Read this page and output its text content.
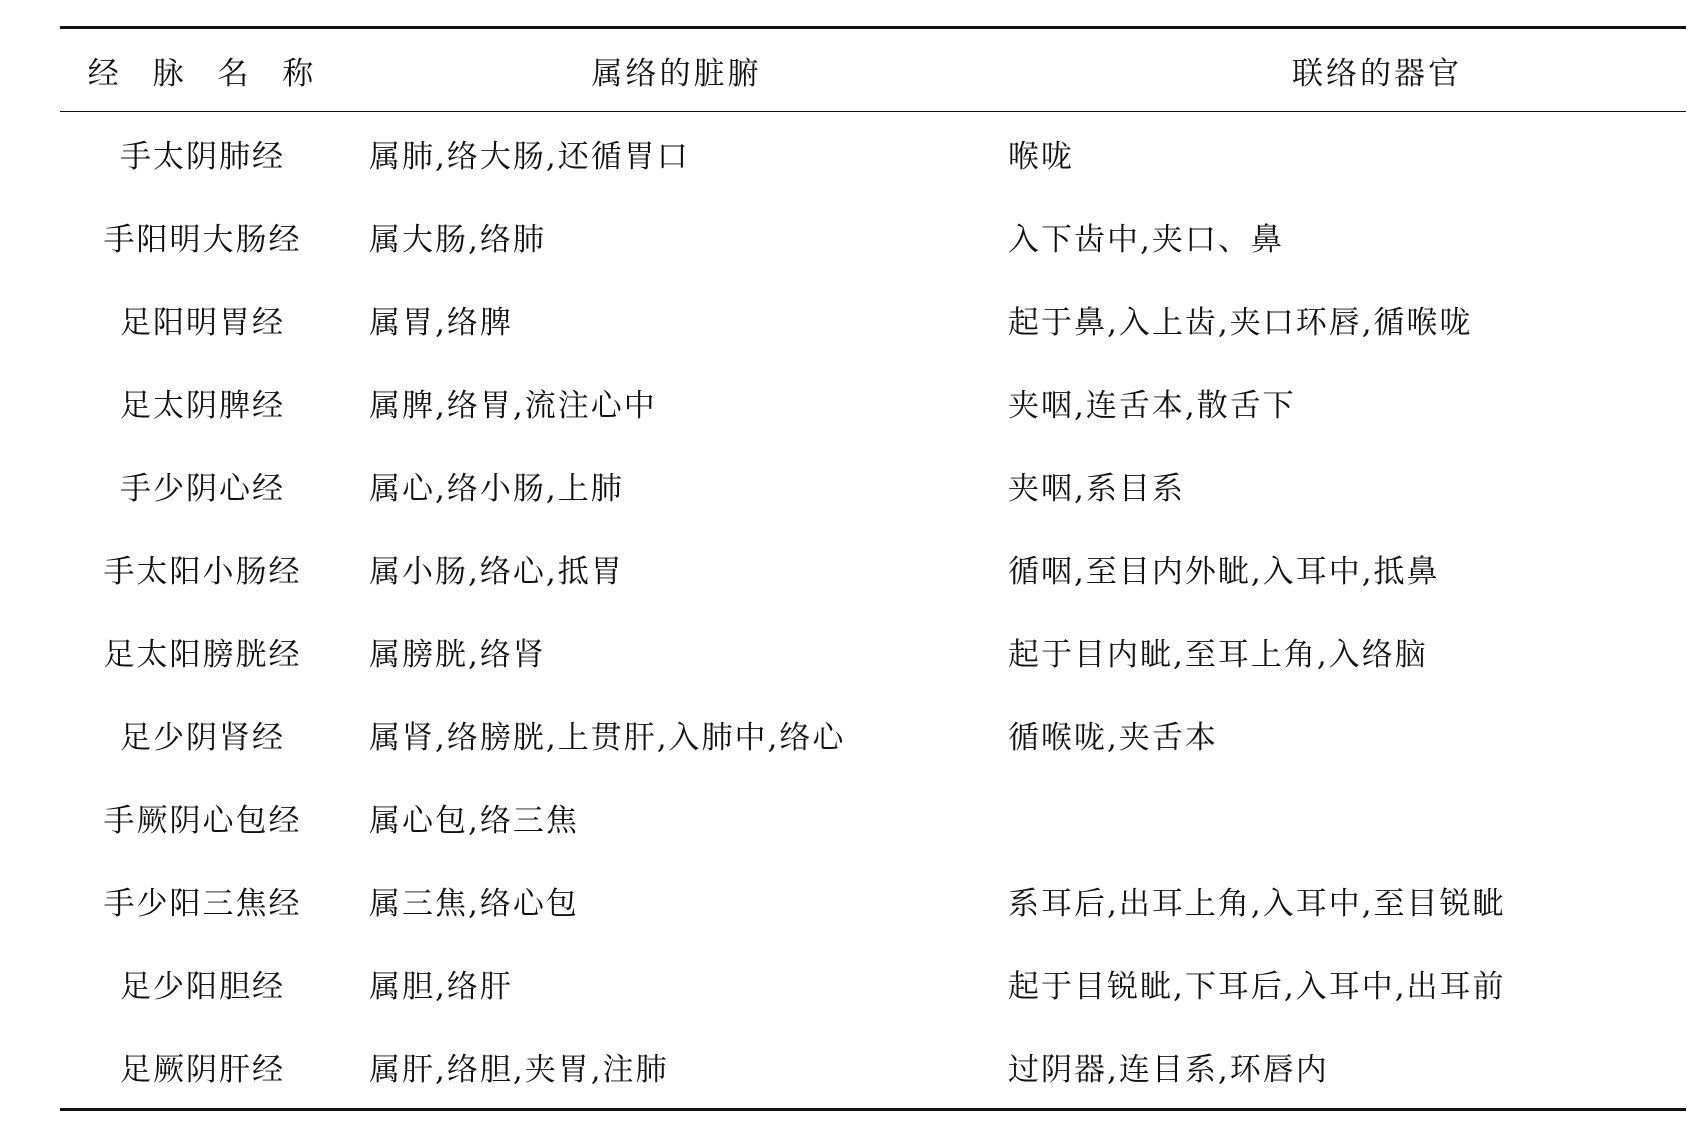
经 脉 名 称	属络的脏腑	联络的器官
手太阴肺经	属肺,络大肠,还循胃口	喉咙
手阳明大肠经	属大肠,络肺	入下齿中,夹口、鼻
足阳明胃经	属胃,络脾	起于鼻,入上齿,夹口环唇,循喉咙
足太阴脾经	属脾,络胃,流注心中	夹咽,连舌本,散舌下
手少阴心经	属心,络小肠,上肺	夹咽,系目系
手太阳小肠经	属小肠,络心,抵胃	循咽,至目内外眦,入耳中,抵鼻
足太阳膀胱经	属膀胱,络肾	起于目内眦,至耳上角,入络脑
足少阴肾经	属肾,络膀胱,上贯肝,入肺中,络心	循喉咙,夹舌本
手厥阴心包经	属心包,络三焦	
手少阳三焦经	属三焦,络心包	系耳后,出耳上角,入耳中,至目锐眦
足少阳胆经	属胆,络肝	起于目锐眦,下耳后,入耳中,出耳前
足厥阴肝经	属肝,络胆,夹胃,注肺	过阴器,连目系,环唇内
